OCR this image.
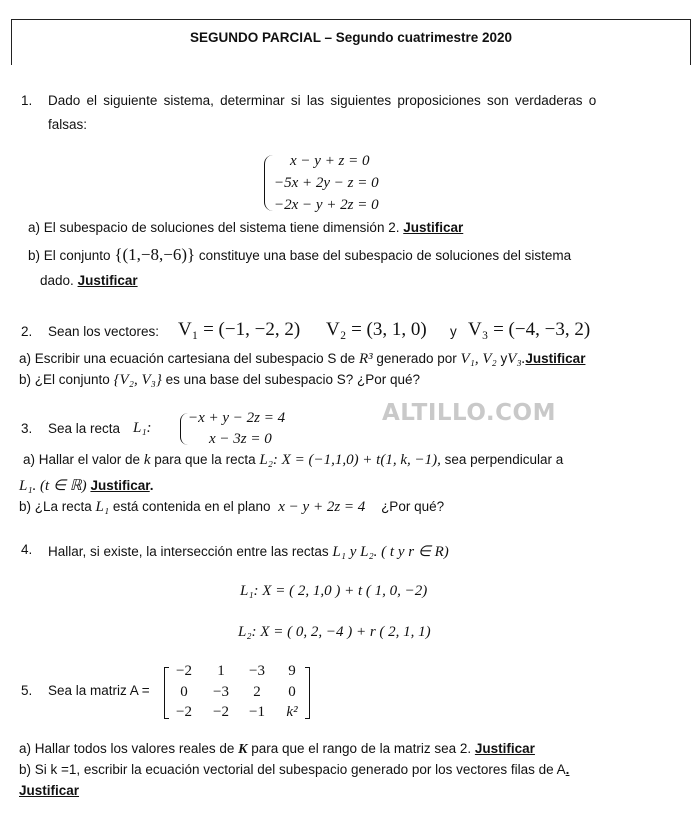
SEGUNDO PARCIAL – Segundo cuatrimestre 2020
1. Dado el siguiente sistema, determinar si las siguientes proposiciones son verdaderas o
falsas:
x − y + z = 0
−5x + 2y − z = 0
−2x − y + 2z = 0
a) El subespacio de soluciones del sistema tiene dimensión 2. Justificar
b) El conjunto {(1,−8,−6)} constituye una base del subespacio de soluciones del sistema
dado. Justificar
2. Sean los vectores: V₁ = (−1, −2, 2) V₂ = (3, 1, 0) y V₃ = (−4, −3, 2)
a) Escribir una ecuación cartesiana del subespacio S de R³ generado por V₁, V₂ yV₃.Justificar
b) ¿El conjunto {V₂, V₃} es una base del subespacio S? ¿Por qué?
ALTILLO.COM
3. Sea la recta L₁:
−x + y − 2z = 4
x − 3z = 0
a) Hallar el valor de k para que la recta L₂: X = (−1,1,0) + t(1, k, −1), sea perpendicular a
L₁. (t ∈ ℝ) Justificar.
b) ¿La recta L₁ está contenida en el plano x − y + 2z = 4 ¿Por qué?
4. Hallar, si existe, la intersección entre las rectas L₁ y L₂. ( t y r ∈ R)
L₁: X = ( 2, 1,0 ) + t ( 1, 0, −2)
L₂: X = ( 0, 2, −4 ) + r ( 2, 1, 1)
5. Sea la matriz A =
−2	1	−3	9
0	−3	2	0
−2	−2	−1	k²
a) Hallar todos los valores reales de K para que el rango de la matriz sea 2. Justificar
b) Si k =1, escribir la ecuación vectorial del subespacio generado por los vectores filas de A.
Justificar
